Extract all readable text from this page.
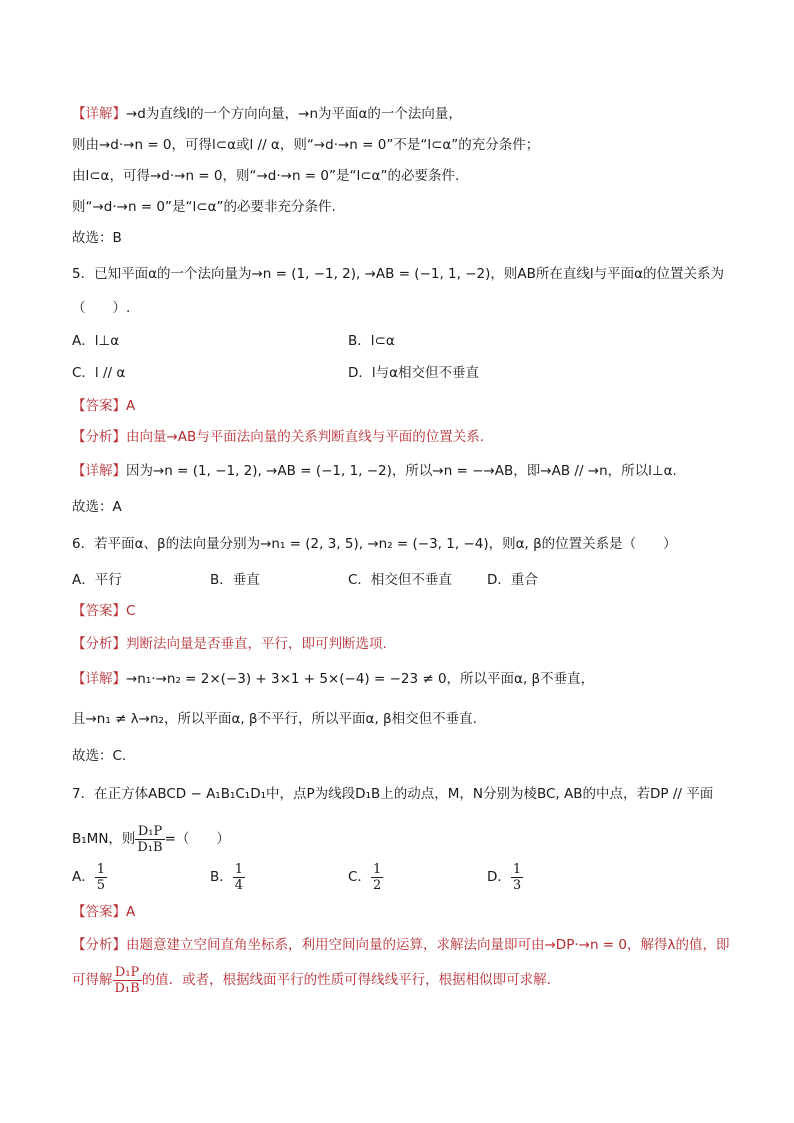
【详解】→d为直线l的一个方向向量，→n为平面α的一个法向量，
则由→d·→n = 0，可得l⊂α或l // α，则“→d·→n = 0”不是“l⊂α”的充分条件；
由l⊂α，可得→d·→n = 0，则“→d·→n = 0”是“l⊂α”的必要条件.
则“→d·→n = 0”是“l⊂α”的必要非充分条件.
故选：B
5．已知平面α的一个法向量为→n = (1, −1, 2), →AB = (−1, 1, −2)，则AB所在直线l与平面α的位置关系为
（　　）.
A．l⊥α	B．l⊂α
C．l // α	D．l与α相交但不垂直
【答案】A
【分析】由向量→AB与平面法向量的关系判断直线与平面的位置关系.
【详解】因为→n = (1, −1, 2), →AB = (−1, 1, −2)，所以→n = −→AB，即→AB // →n，所以l⊥α.
故选：A
6．若平面α、β的法向量分别为→n₁ = (2, 3, 5), →n₂ = (−3, 1, −4)，则α, β的位置关系是（　　）
A．平行	B．垂直	C．相交但不垂直	D．重合
【答案】C
【分析】判断法向量是否垂直，平行，即可判断选项.
【详解】→n₁·→n₂ = 2×(−3) + 3×1 + 5×(−4) = −23 ≠ 0，所以平面α, β不垂直，
且→n₁ ≠ λ→n₂，所以平面α, β不平行，所以平面α, β相交但不垂直.
故选：C.
7．在正方体ABCD − A₁B₁C₁D₁中，点P为线段D₁B上的动点，M，N分别为棱BC, AB的中点，若DP // 平面
B₁MN，则 $\frac{\text{D₁P}}{\text{D₁B}}$ =（　　）
A． $\frac{1}{5}$	B． $\frac{1}{4}$	C． $\frac{1}{2}$	D． $\frac{1}{3}$
【答案】A
【分析】由题意建立空间直角坐标系，利用空间向量的运算，求解法向量即可由→DP·→n = 0，解得λ的值，即
可得解 $\frac{\text{D₁P}}{\text{D₁B}}$ 的值．或者，根据线面平行的性质可得线线平行，根据相似即可求解.
